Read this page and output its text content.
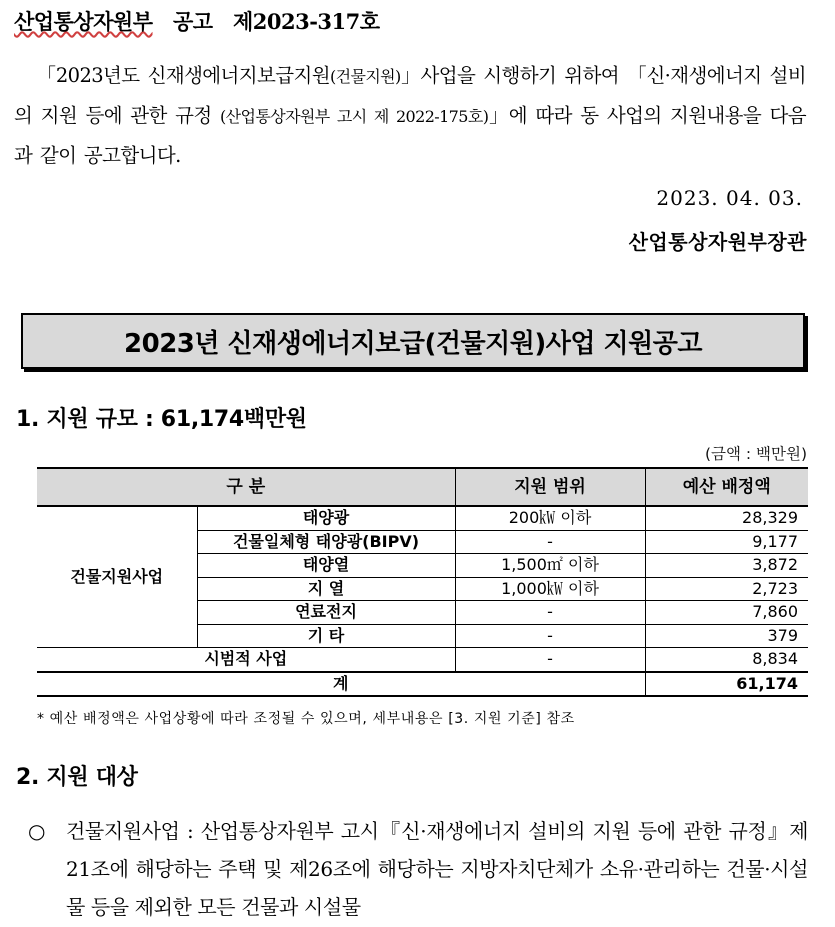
산업통상자원부 공고 제2023-317호
「2023년도 신재생에너지보급지원(건물지원)」사업을 시행하기 위하여 「신·재생에너지 설비의 지원 등에 관한 규정 (산업통상자원부 고시 제 2022-175호)」에 따라 동 사업의 지원내용을 다음과 같이 공고합니다.
2023. 04. 03.
산업통상자원부장관
2023년 신재생에너지보급(건물지원)사업 지원공고
1. 지원 규모 : 61,174백만원
(금액 : 백만원)
구 분		지원 범위	예산 배정액
건물지원사업	태양광	200㎾ 이하	28,329
	건물일체형 태양광(BIPV)	-	9,177
	태양열	1,500㎡ 이하	3,872
	지 열	1,000㎾ 이하	2,723
	연료전지	-	7,860
	기 타	-	379
시범적 사업		-	8,834
계			61,174
* 예산 배정액은 사업상황에 따라 조정될 수 있으며, 세부내용은 [3. 지원 기준] 참조
2. 지원 대상
○	건물지원사업 : 산업통상자원부 고시『신·재생에너지 설비의 지원 등에 관한 규정』제21조에 해당하는 주택 및 제26조에 해당하는 지방자치단체가 소유·관리하는 건물·시설물 등을 제외한 모든 건물과 시설물
